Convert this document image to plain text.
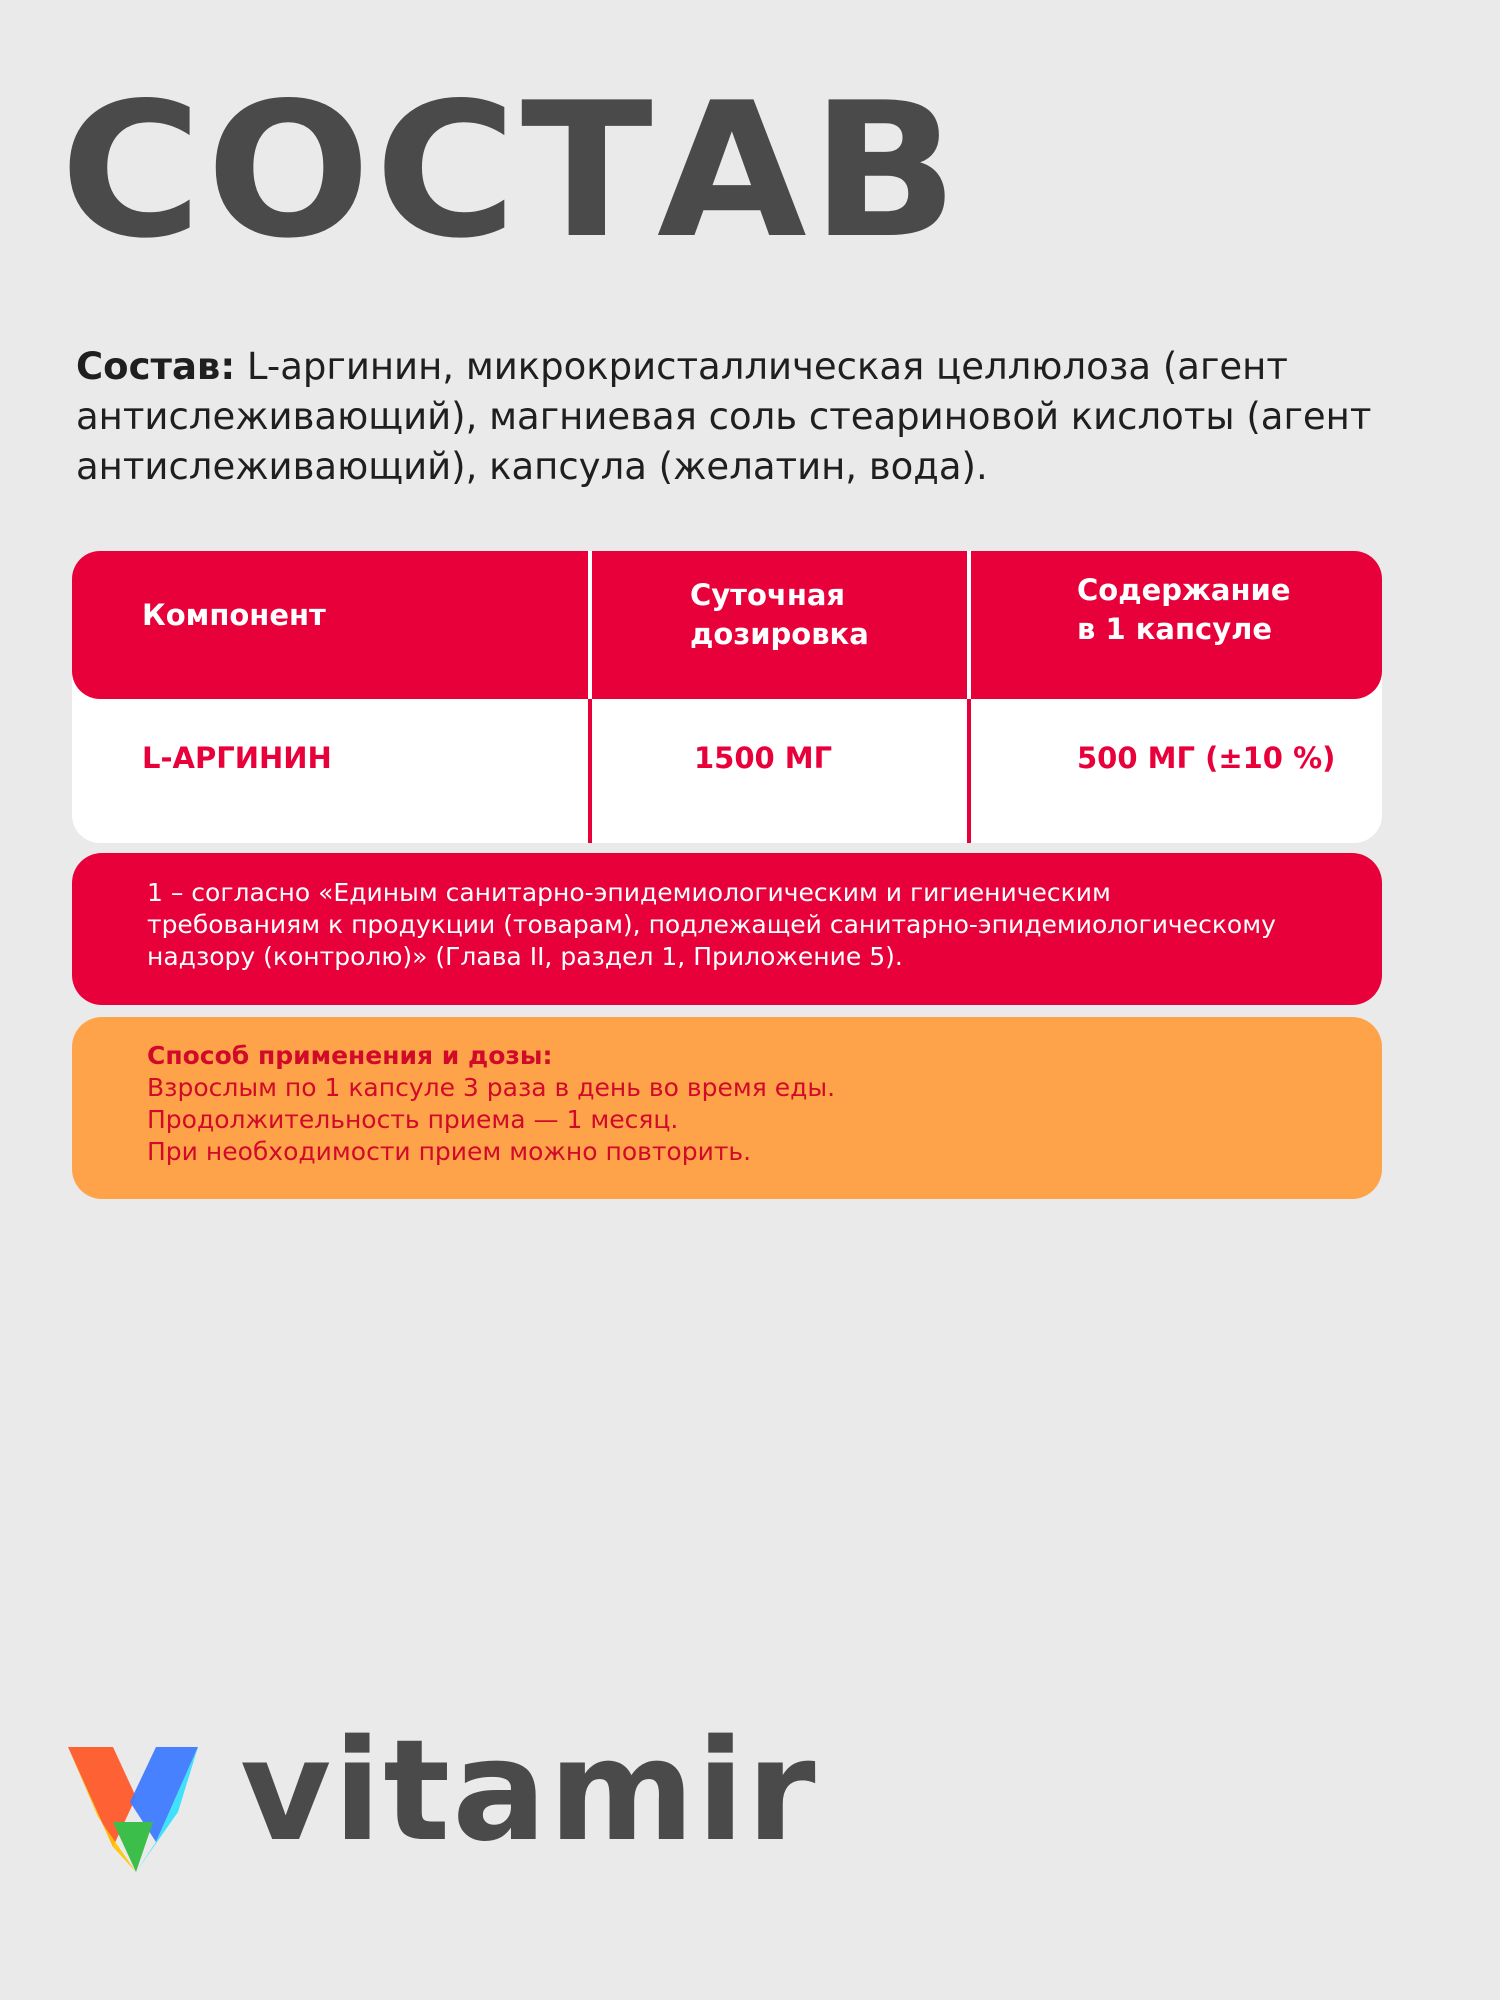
СОСТАВ
Состав: L-аргинин, микрокристаллическая целлюлоза (агент антислеживающий), магниевая соль стеариновой кислоты (агент антислеживающий), капсула (желатин, вода).
Компонент
Суточная
дозировка
Содержание
в 1 капсуле
L-АРГИНИН	1500 МГ	500 МГ (±10 %)
1 – согласно «Единым санитарно-эпидемиологическим и гигиеническим
требованиям к продукции (товарам), подлежащей санитарно-эпидемиологическому
надзору (контролю)» (Глава II, раздел 1, Приложение 5).
Способ применения и дозы:
Взрослым по 1 капсуле 3 раза в день во время еды.
Продолжительность приема — 1 месяц.
При необходимости прием можно повторить.
vitamir
